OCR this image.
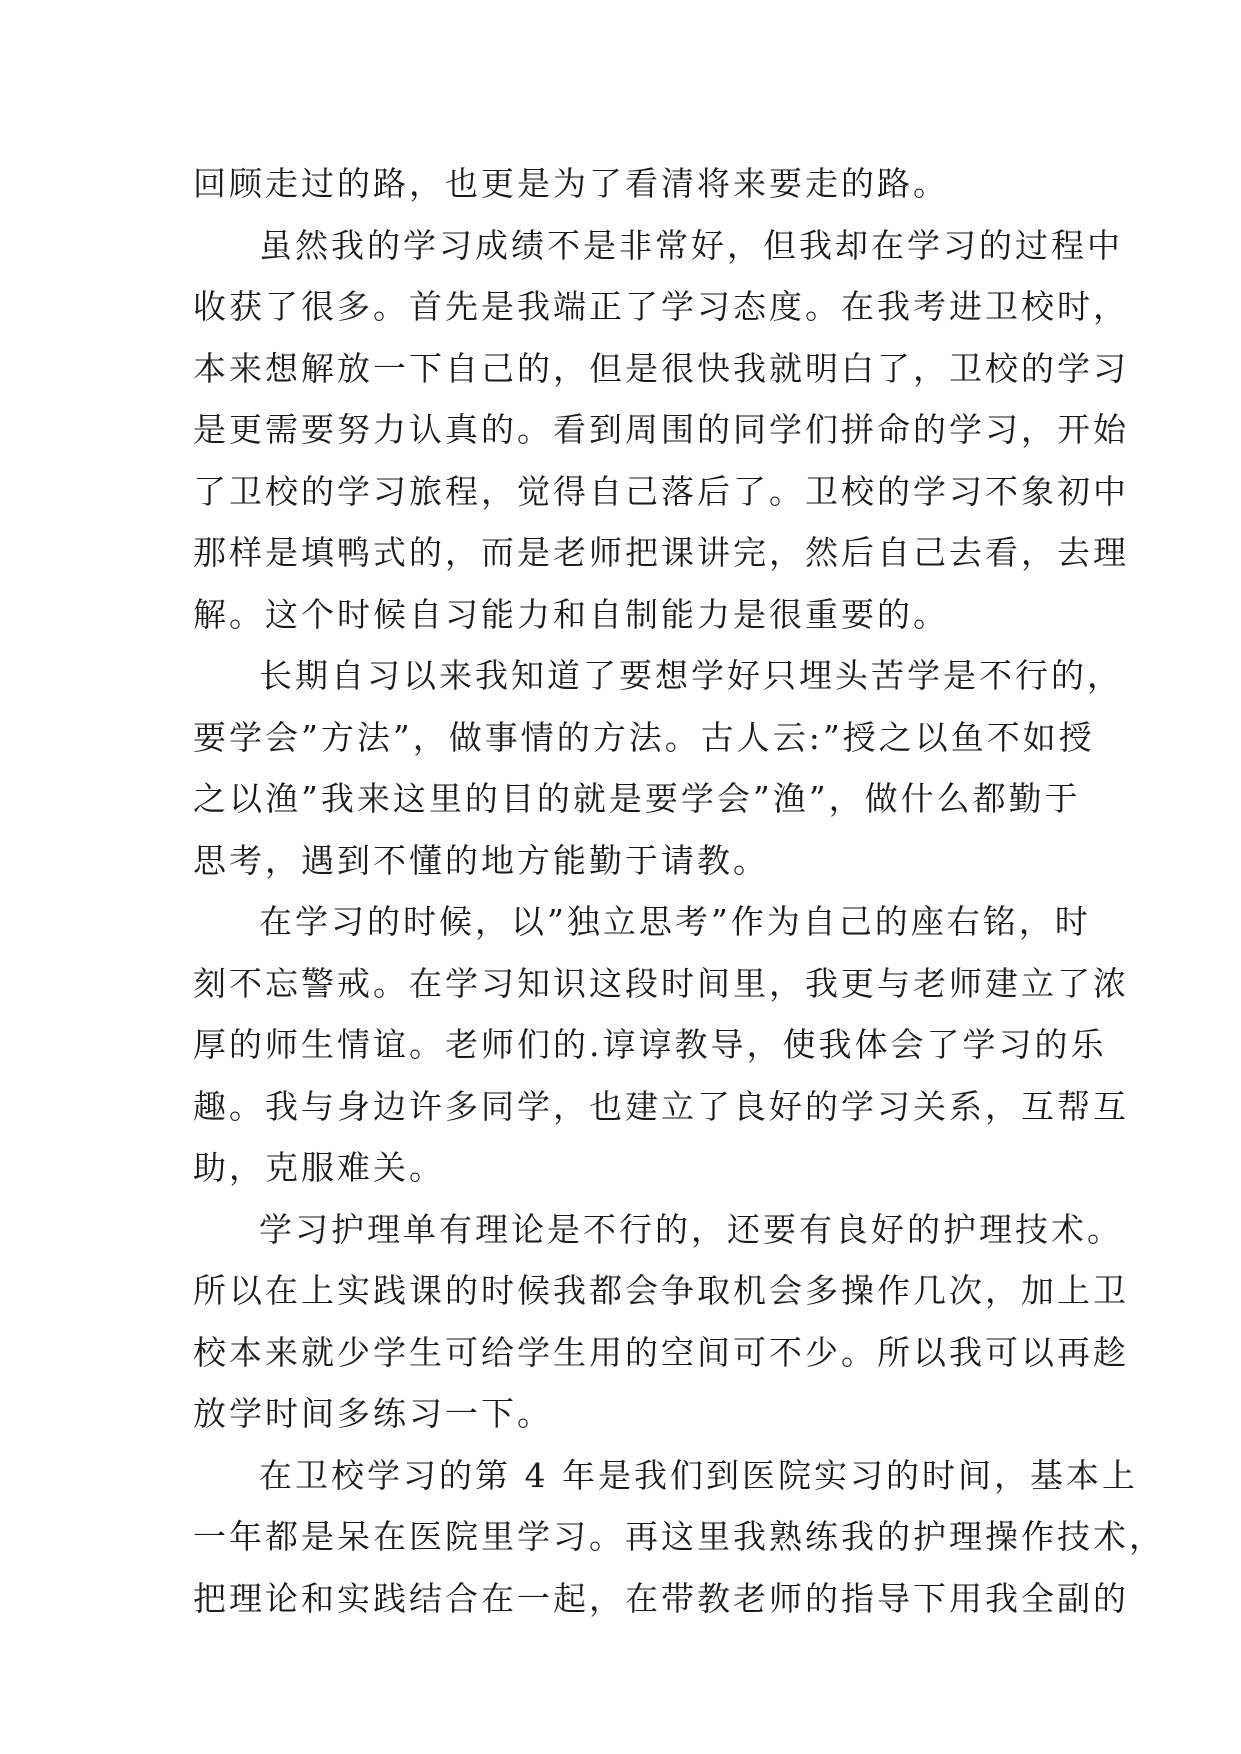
回顾走过的路，也更是为了看清将来要走的路。
虽然我的学习成绩不是非常好，但我却在学习的过程中
收获了很多。首先是我端正了学习态度。在我考进卫校时，
本来想解放一下自己的，但是很快我就明白了，卫校的学习
是更需要努力认真的。看到周围的同学们拼命的学习，开始
了卫校的学习旅程，觉得自己落后了。卫校的学习不象初中
那样是填鸭式的，而是老师把课讲完，然后自己去看，去理
解。这个时候自习能力和自制能力是很重要的。
长期自习以来我知道了要想学好只埋头苦学是不行的，
要学会”方法”，做事情的方法。古人云:”授之以鱼不如授
之以渔”我来这里的目的就是要学会”渔”，做什么都勤于
思考，遇到不懂的地方能勤于请教。
在学习的时候，以”独立思考”作为自己的座右铭，时
刻不忘警戒。在学习知识这段时间里，我更与老师建立了浓
厚的师生情谊。老师们的.谆谆教导，使我体会了学习的乐
趣。我与身边许多同学，也建立了良好的学习关系，互帮互
助，克服难关。
学习护理单有理论是不行的，还要有良好的护理技术。
所以在上实践课的时候我都会争取机会多操作几次，加上卫
校本来就少学生可给学生用的空间可不少。所以我可以再趁
放学时间多练习一下。
在卫校学习的第 4 年是我们到医院实习的时间，基本上
一年都是呆在医院里学习。再这里我熟练我的护理操作技术，
把理论和实践结合在一起，在带教老师的指导下用我全副的
